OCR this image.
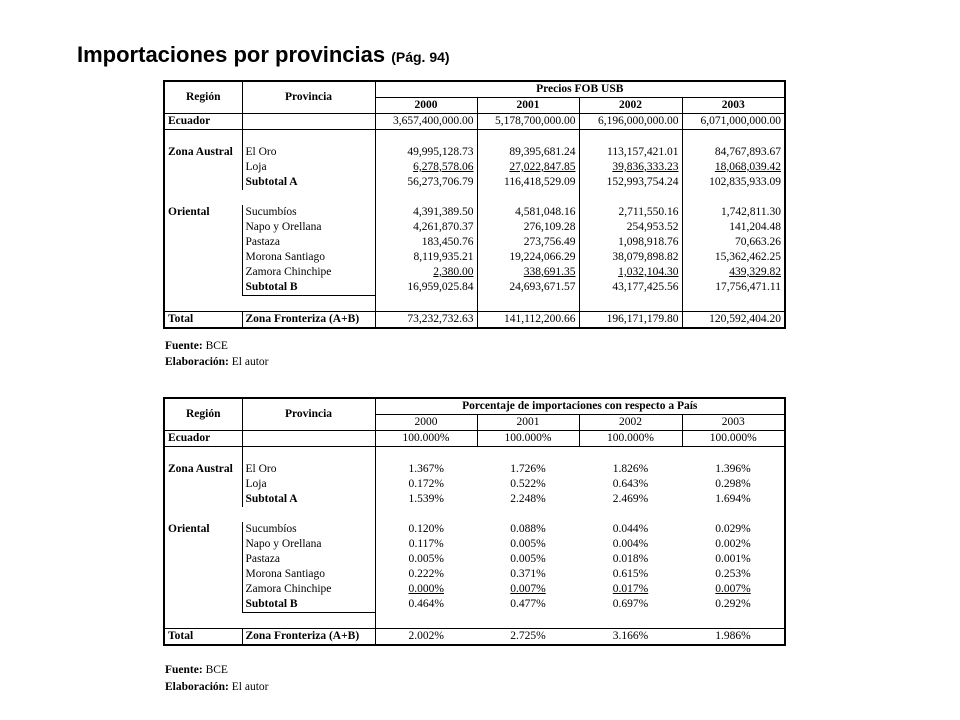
Importaciones por provincias (Pág. 94)
Región	Provincia	Precios FOB USB			
		2000	2001	2002	2003
Ecuador		3,657,400,000.00	5,178,700,000.00	6,196,000,000.00	6,071,000,000.00

Zona Austral	El Oro	49,995,128.73	89,395,681.24	113,157,421.01	84,767,893.67
	Loja	6,278,578.06	27,022,847.85	39,836,333.23	18,068,039.42
	Subtotal A	56,273,706.79	116,418,529.09	152,993,754.24	102,835,933.09

Oriental	Sucumbíos	4,391,389.50	4,581,048.16	2,711,550.16	1,742,811.30
	Napo y Orellana	4,261,870.37	276,109.28	254,953.52	141,204.48
	Pastaza	183,450.76	273,756.49	1,098,918.76	70,663.26
	Morona Santiago	8,119,935.21	19,224,066.29	38,079,898.82	15,362,462.25
	Zamora Chinchipe	2,380.00	338,691.35	1,032,104.30	439,329.82
	Subtotal B	16,959,025.84	24,693,671.57	43,177,425.56	17,756,471.11

Total	Zona Fronteriza (A+B)	73,232,732.63	141,112,200.66	196,171,179.80	120,592,404.20
Fuente: BCE
Elaboración: El autor
Región	Provincia	Porcentaje de importaciones con respecto a País			
		2000	2001	2002	2003
Ecuador		100.000%	100.000%	100.000%	100.000%

Zona Austral	El Oro	1.367%	1.726%	1.826%	1.396%
	Loja	0.172%	0.522%	0.643%	0.298%
	Subtotal A	1.539%	2.248%	2.469%	1.694%

Oriental	Sucumbíos	0.120%	0.088%	0.044%	0.029%
	Napo y Orellana	0.117%	0.005%	0.004%	0.002%
	Pastaza	0.005%	0.005%	0.018%	0.001%
	Morona Santiago	0.222%	0.371%	0.615%	0.253%
	Zamora Chinchipe	0.000%	0.007%	0.017%	0.007%
	Subtotal B	0.464%	0.477%	0.697%	0.292%

Total	Zona Fronteriza (A+B)	2.002%	2.725%	3.166%	1.986%
Fuente: BCE
Elaboración: El autor
